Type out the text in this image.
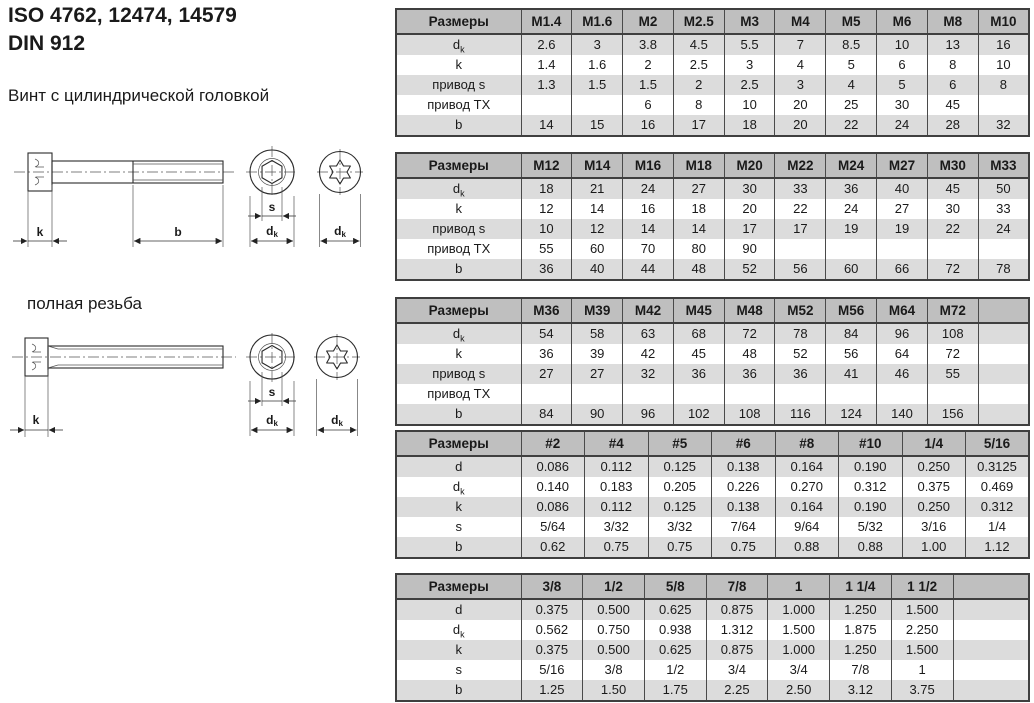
ISO 4762, 12474, 14579
DIN 912
Винт с цилиндрической головкой
k	b
s
dk	dk
полная резьба
k
s
dk	dk
Размеры	M1.4	M1.6	M2	M2.5	M3	M4	M5	M6	M8	M10
$d_k$	2.6	3	3.8	4.5	5.5	7	8.5	10	13	16
k	1.4	1.6	2	2.5	3	4	5	6	8	10
привод s	1.3	1.5	1.5	2	2.5	3	4	5	6	8
привод TX			6	8	10	20	25	30	45	
b	14	15	16	17	18	20	22	24	28	32
Размеры	M12	M14	M16	M18	M20	M22	M24	M27	M30	M33
$d_k$	18	21	24	27	30	33	36	40	45	50
k	12	14	16	18	20	22	24	27	30	33
привод s	10	12	14	14	17	17	19	19	22	24
привод TX	55	60	70	80	90					
b	36	40	44	48	52	56	60	66	72	78
Размеры	M36	M39	M42	M45	M48	M52	M56	M64	M72	
$d_k$	54	58	63	68	72	78	84	96	108	
k	36	39	42	45	48	52	56	64	72	
привод s	27	27	32	36	36	36	41	46	55	
привод TX										
b	84	90	96	102	108	116	124	140	156	
Размеры	#2	#4	#5	#6	#8	#10	1/4	5/16
d	0.086	0.112	0.125	0.138	0.164	0.190	0.250	0.3125
$d_k$	0.140	0.183	0.205	0.226	0.270	0.312	0.375	0.469
k	0.086	0.112	0.125	0.138	0.164	0.190	0.250	0.312
s	5/64	3/32	3/32	7/64	9/64	5/32	3/16	1/4
b	0.62	0.75	0.75	0.75	0.88	0.88	1.00	1.12
Размеры	3/8	1/2	5/8	7/8	1	1 1/4	1 1/2	
d	0.375	0.500	0.625	0.875	1.000	1.250	1.500	
$d_k$	0.562	0.750	0.938	1.312	1.500	1.875	2.250	
k	0.375	0.500	0.625	0.875	1.000	1.250	1.500	
s	5/16	3/8	1/2	3/4	3/4	7/8	1	
b	1.25	1.50	1.75	2.25	2.50	3.12	3.75	
